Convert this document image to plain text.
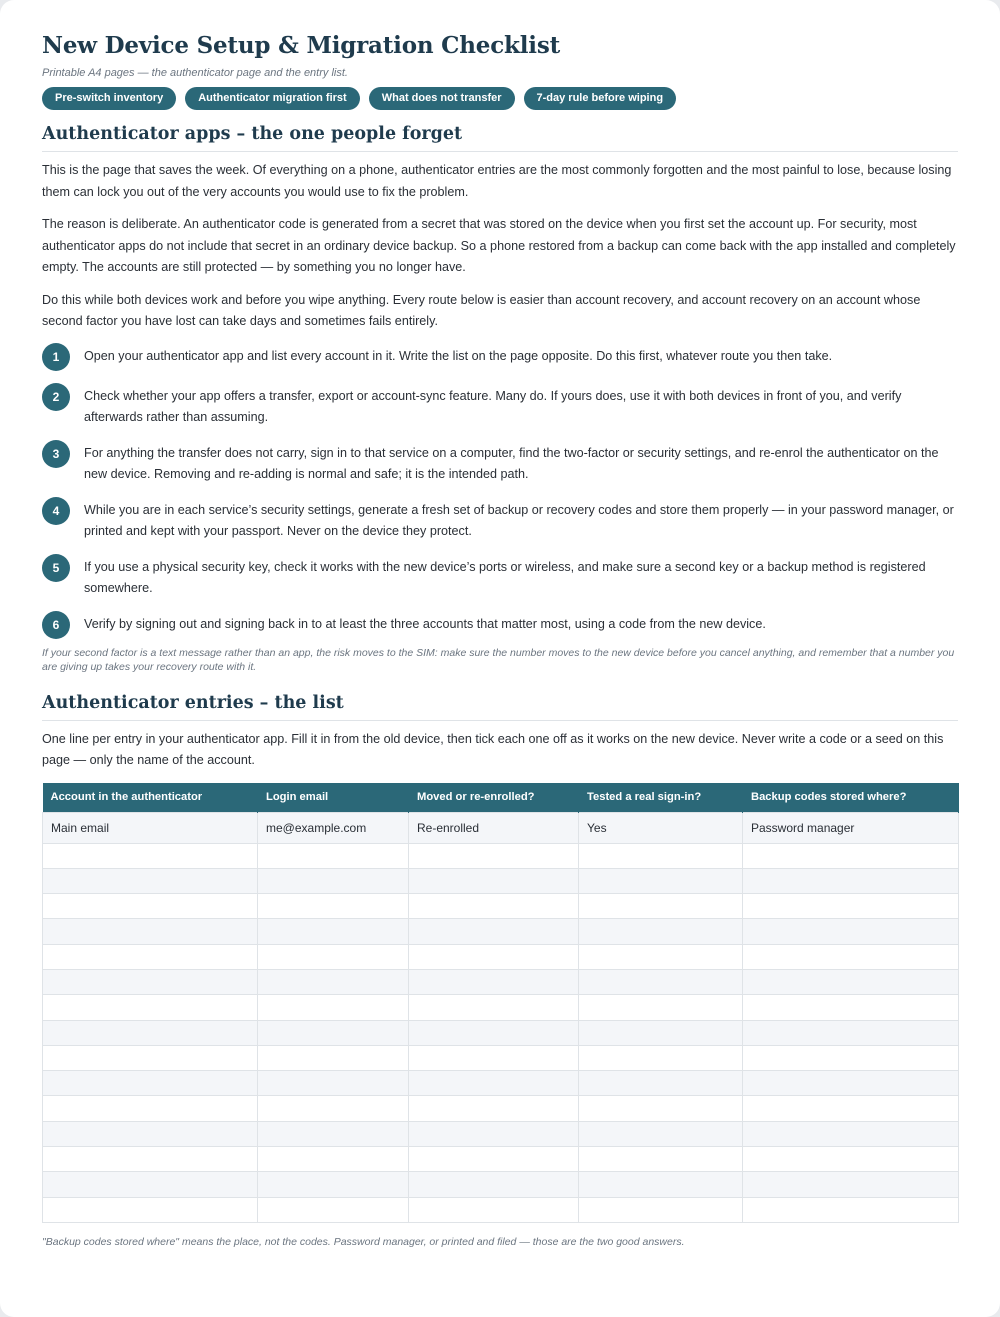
New Device Setup & Migration Checklist

Printable A4 pages — the authenticator page and the entry list.

Pre-switch inventory	Authenticator migration first	What does not transfer	7-day rule before wiping
Authenticator apps – the one people forget

This is the page that saves the week. Of everything on a phone, authenticator entries are the most commonly forgotten and the most painful to lose, because losing them can lock you out of the very accounts you would use to fix the problem.

The reason is deliberate. An authenticator code is generated from a secret that was stored on the device when you first set the account up. For security, most authenticator apps do not include that secret in an ordinary device backup. So a phone restored from a backup can come back with the app installed and completely empty. The accounts are still protected — by something you no longer have.

Do this while both devices work and before you wipe anything. Every route below is easier than account recovery, and account recovery on an account whose second factor you have lost can take days and sometimes fails entirely.

1	Open your authenticator app and list every account in it. Write the list on the page opposite. Do this first, whatever route you then take.
2	Check whether your app offers a transfer, export or account-sync feature. Many do. If yours does, use it with both devices in front of you, and verify afterwards rather than assuming.
3	For anything the transfer does not carry, sign in to that service on a computer, find the two-factor or security settings, and re-enrol the authenticator on the new device. Removing and re-adding is normal and safe; it is the intended path.
4	While you are in each service’s security settings, generate a fresh set of backup or recovery codes and store them properly — in your password manager, or printed and kept with your passport. Never on the device they protect.
5	If you use a physical security key, check it works with the new device’s ports or wireless, and make sure a second key or a backup method is registered somewhere.
6	Verify by signing out and signing back in to at least the three accounts that matter most, using a code from the new device.

If your second factor is a text message rather than an app, the risk moves to the SIM: make sure the number moves to the new device before you cancel anything, and remember that a number you are giving up takes your recovery route with it.

Authenticator entries – the list

One line per entry in your authenticator app. Fill it in from the old device, then tick each one off as it works on the new device. Never write a code or a seed on this page — only the name of the account.

Account in the authenticator	Login email	Moved or re-enrolled?	Tested a real sign-in?	Backup codes stored where?
Main email	me@example.com	Re-enrolled	Yes	Password manager

"Backup codes stored where" means the place, not the codes. Password manager, or printed and filed — those are the two good answers.
